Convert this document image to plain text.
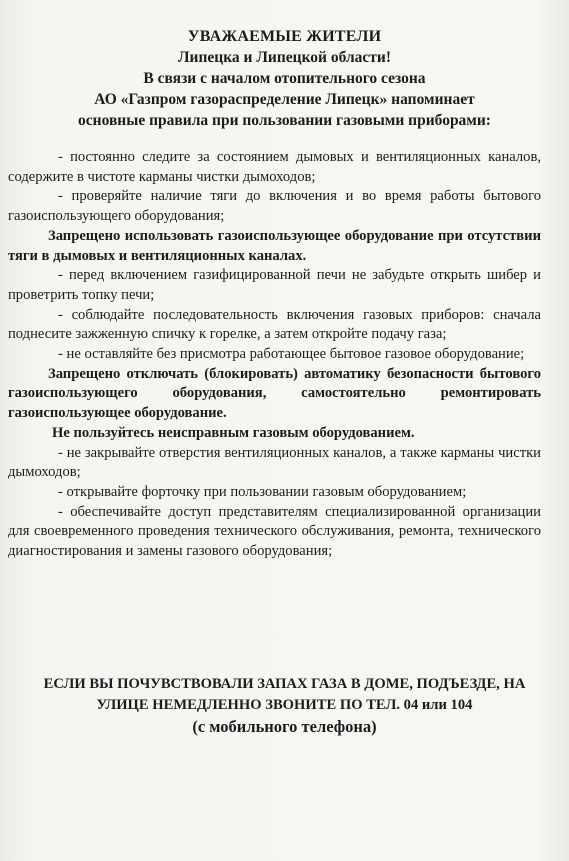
УВАЖАЕМЫЕ ЖИТЕЛИ
Липецка и Липецкой области!
В связи с началом отопительного сезона
АО «Газпром газораспределение Липецк» напоминает
основные правила при пользовании газовыми приборами:

- постоянно следите за состоянием дымовых и вентиляционных каналов, содержите в чистоте карманы чистки дымоходов;

- проверяйте наличие тяги до включения и во время работы бытового газоиспользующего оборудования;

Запрещено использовать газоиспользующее оборудование при отсутствии тяги в дымовых и вентиляционных каналах.

- перед включением газифицированной печи не забудьте открыть шибер и проветрить топку печи;

- соблюдайте последовательность включения газовых приборов: сначала поднесите зажженную спичку к горелке, а затем откройте подачу газа;

- не оставляйте без присмотра работающее бытовое газовое оборудование;

Запрещено отключать (блокировать) автоматику безопасности бытового газоиспользующего оборудования, самостоятельно ремонтировать газоиспользующее оборудование.

Не пользуйтесь неисправным газовым оборудованием.

- не закрывайте отверстия вентиляционных каналов, а также карманы чистки дымоходов;

- открывайте форточку при пользовании газовым оборудованием;

- обеспечивайте доступ представителям специализированной организации для своевременного проведения технического обслуживания, ремонта, технического диагностирования и замены газового оборудования;

ЕСЛИ ВЫ ПОЧУВСТВОВАЛИ ЗАПАХ ГАЗА В ДОМЕ, ПОДЪЕЗДЕ, НА
УЛИЦЕ НЕМЕДЛЕННО ЗВОНИТЕ ПО ТЕЛ. 04 или 104
(с мобильного телефона)
